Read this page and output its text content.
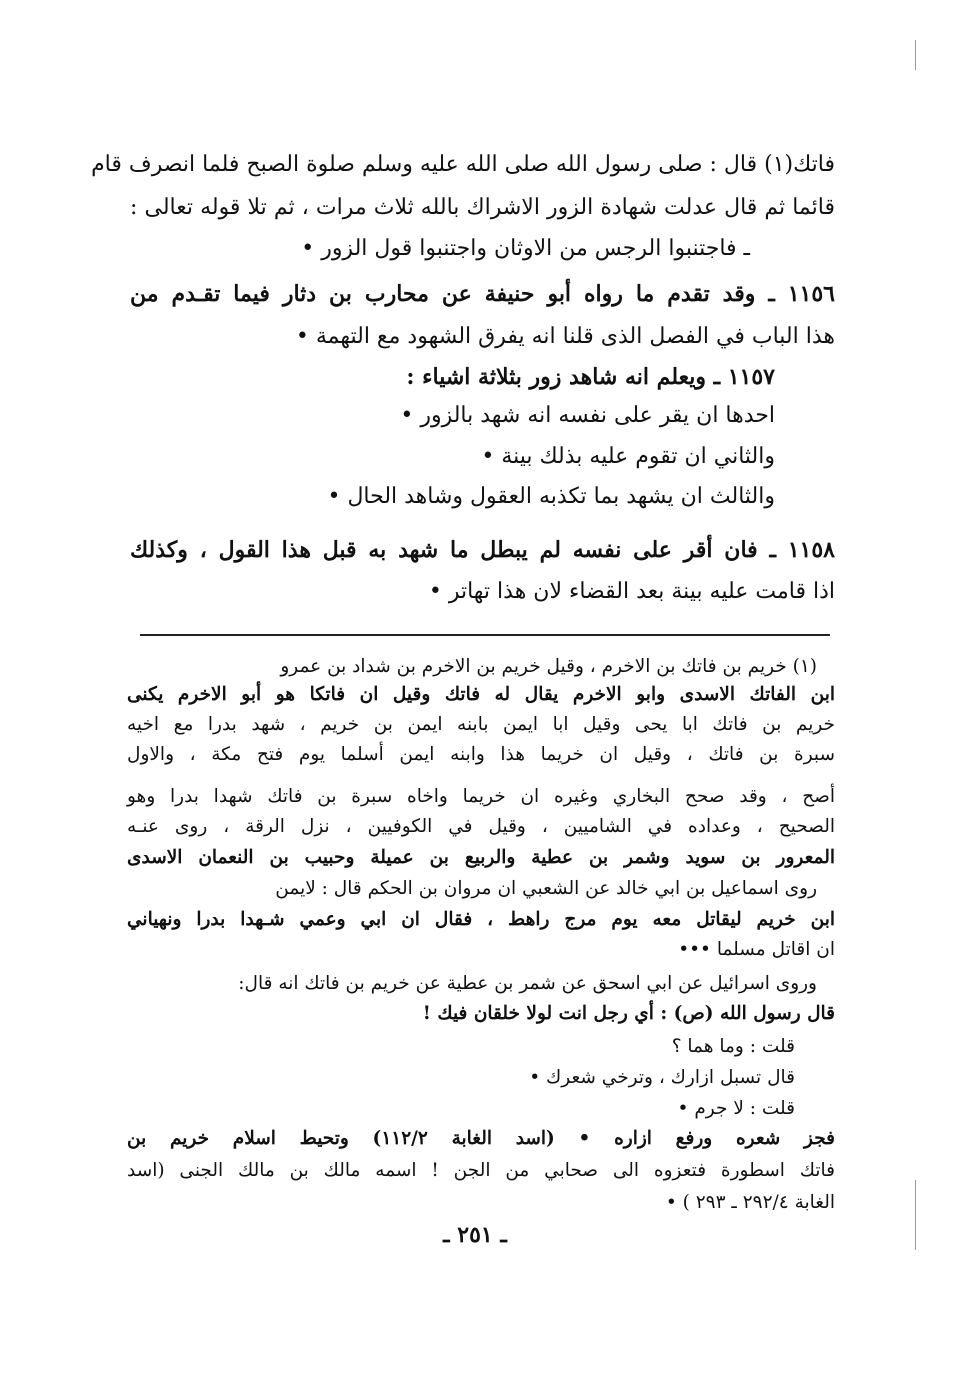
فاتك(١) قال : صلى رسول الله صلى الله عليه وسلم صلوة الصبح فلما انصرف قام
قائما ثم قال عدلت شهادة الزور الاشراك بالله ثلاث مرات ، ثم تلا قوله تعالى :
ـ فاجتنبوا الرجس من الاوثان واجتنبوا قول الزور •
١١٥٦ ـ وقد تقدم ما رواه أبو حنيفة عن محارب بن دثار فيما تقـدم من
هذا الباب في الفصل الذى قلنا انه يفرق الشهود مع التهمة •
١١٥٧ ـ ويعلم انه شاهد زور بثلاثة اشياء :
احدها ان يقر على نفسه انه شهد بالزور •
والثاني ان تقوم عليه بذلك بينة •
والثالث ان يشهد بما تكذبه العقول وشاهد الحال •
١١٥٨ ـ فان أقر على نفسه لم يبطل ما شهد به قبل هذا القول ، وكذلك
اذا قامت عليه بينة بعد القضاء لان هذا تهاتر •
(١) خريم بن فاتك بن الاخرم ، وقيل خريم بن الاخرم بن شداد بن عمرو
ابن الفاتك الاسدى وابو الاخرم يقال له فاتك وقيل ان فاتكا هو أبو الاخرم يكنى
خريم بن فاتك ابا يحى وقيل ابا ايمن بابنه ايمن بن خريم ، شهد بدرا مع اخيه
سبرة بن فاتك ، وقيل ان خريما هذا وابنه ايمن أسلما يوم فتح مكة ، والاول
أصح ، وقد صحح البخاري وغيره ان خريما واخاه سبرة بن فاتك شهدا بدرا وهو
الصحيح ، وعداده في الشاميين ، وقيل في الكوفيين ، نزل الرقة ، روى عنـه
المعرور بن سويد وشمر بن عطية والربيع بن عميلة وحبيب بن النعمان الاسدى
روى اسماعيل بن ابي خالد عن الشعبي ان مروان بن الحكم قال : لايمن
ابن خريم ليقاتل معه يوم مرج راهط ، فقال ان ابي وعمي شـهدا بدرا ونهياني
ان اقاتل مسلما •••
وروى اسرائيل عن ابي اسحق عن شمر بن عطية عن خريم بن فاتك انه قال:
قال رسول الله (ص) : أي رجل انت لولا خلقان فيك !
قلت : وما هما ؟
قال تسبل ازارك ، وترخي شعرك •
قلت : لا جرم •
فجز شعره ورفع ازاره • (اسد الغابة ١١٢/٢) وتحيط اسلام خريم بن
فاتك اسطورة فتعزوه الى صحابي من الجن ! اسمه مالك بن مالك الجنى (اسد
الغابة ٢٩٢/٤ ـ ٢٩٣ ) •
ـ ٢٥١ ـ
